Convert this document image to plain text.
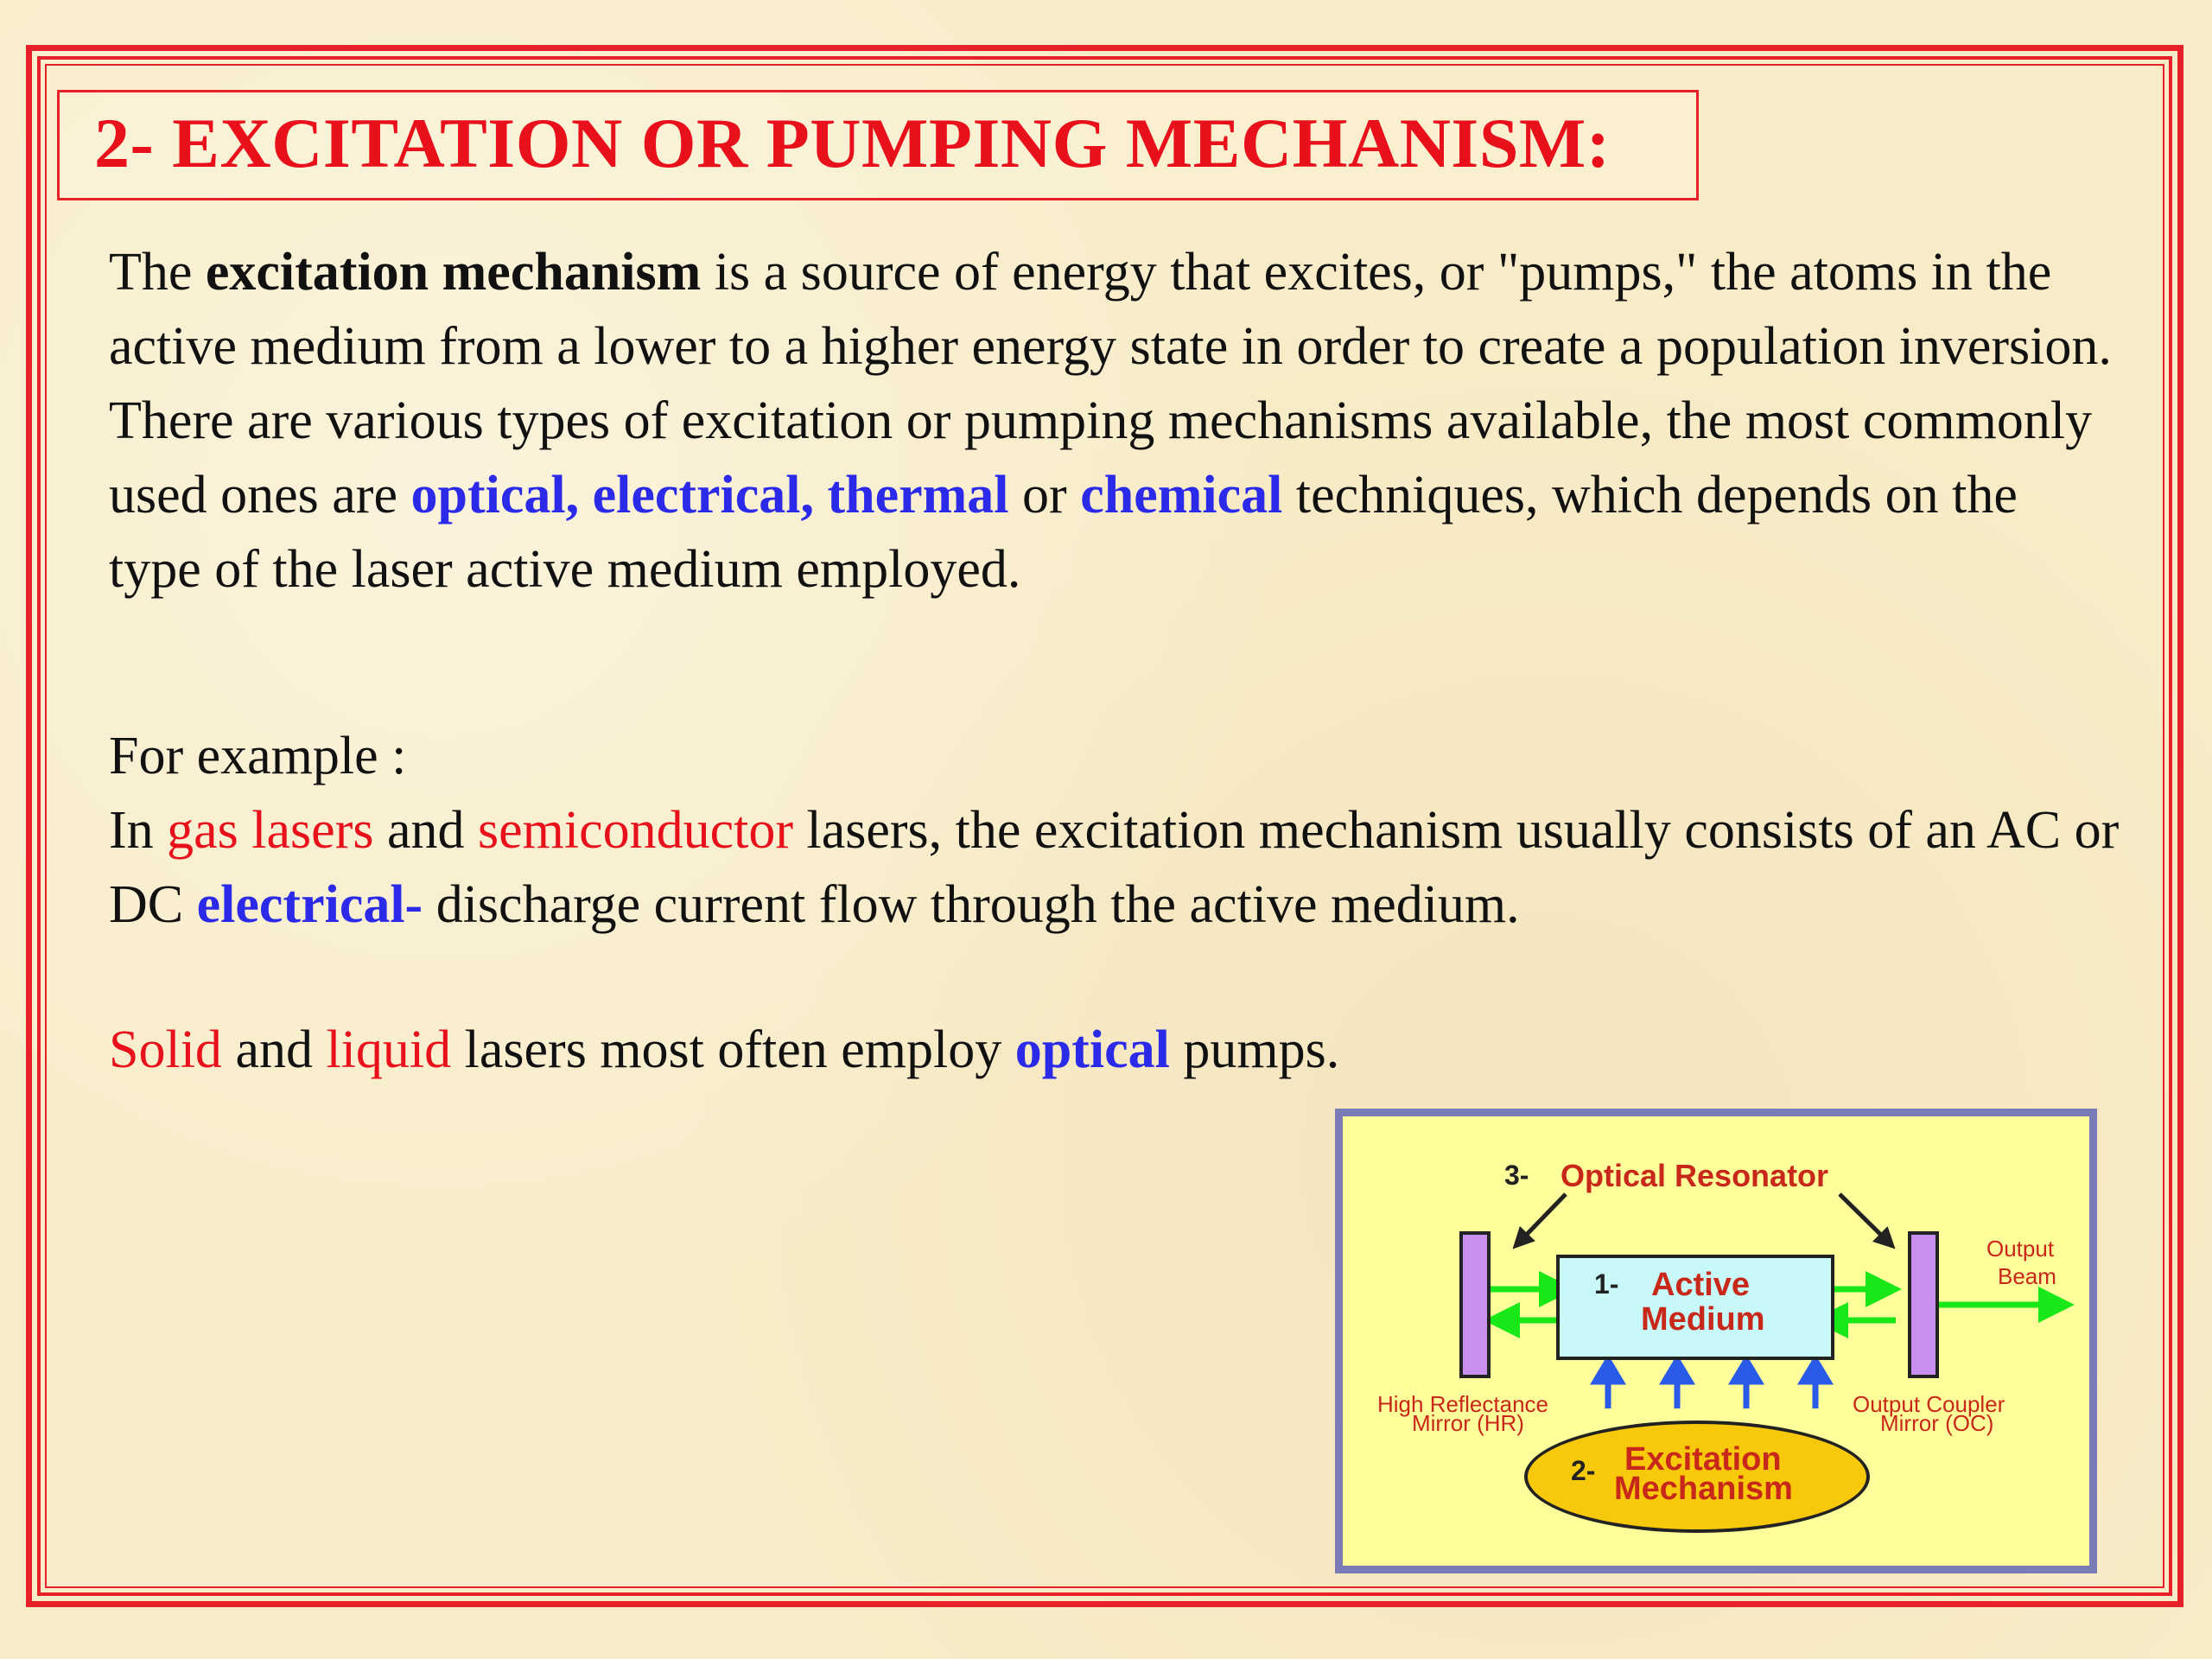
2- EXCITATION OR PUMPING MECHANISM:
The excitation mechanism is a source of energy that excites, or "pumps," the atoms in the active medium from a lower to a higher energy state in order to create a population inversion.
There are various types of excitation or pumping mechanisms available, the most commonly used ones are optical, electrical, thermal or chemical techniques, which depends on the type of the laser active medium employed.
For example :
In gas lasers and semiconductor lasers, the excitation mechanism usually consists of an AC or DC electrical- discharge current flow through the active medium.
Solid and liquid lasers most often employ optical pumps.
3- Optical Resonator
1- Active
Medium
Output
Beam
High Reflectance
Mirror (HR)
Output Coupler
Mirror (OC)
2- Excitation
Mechanism
